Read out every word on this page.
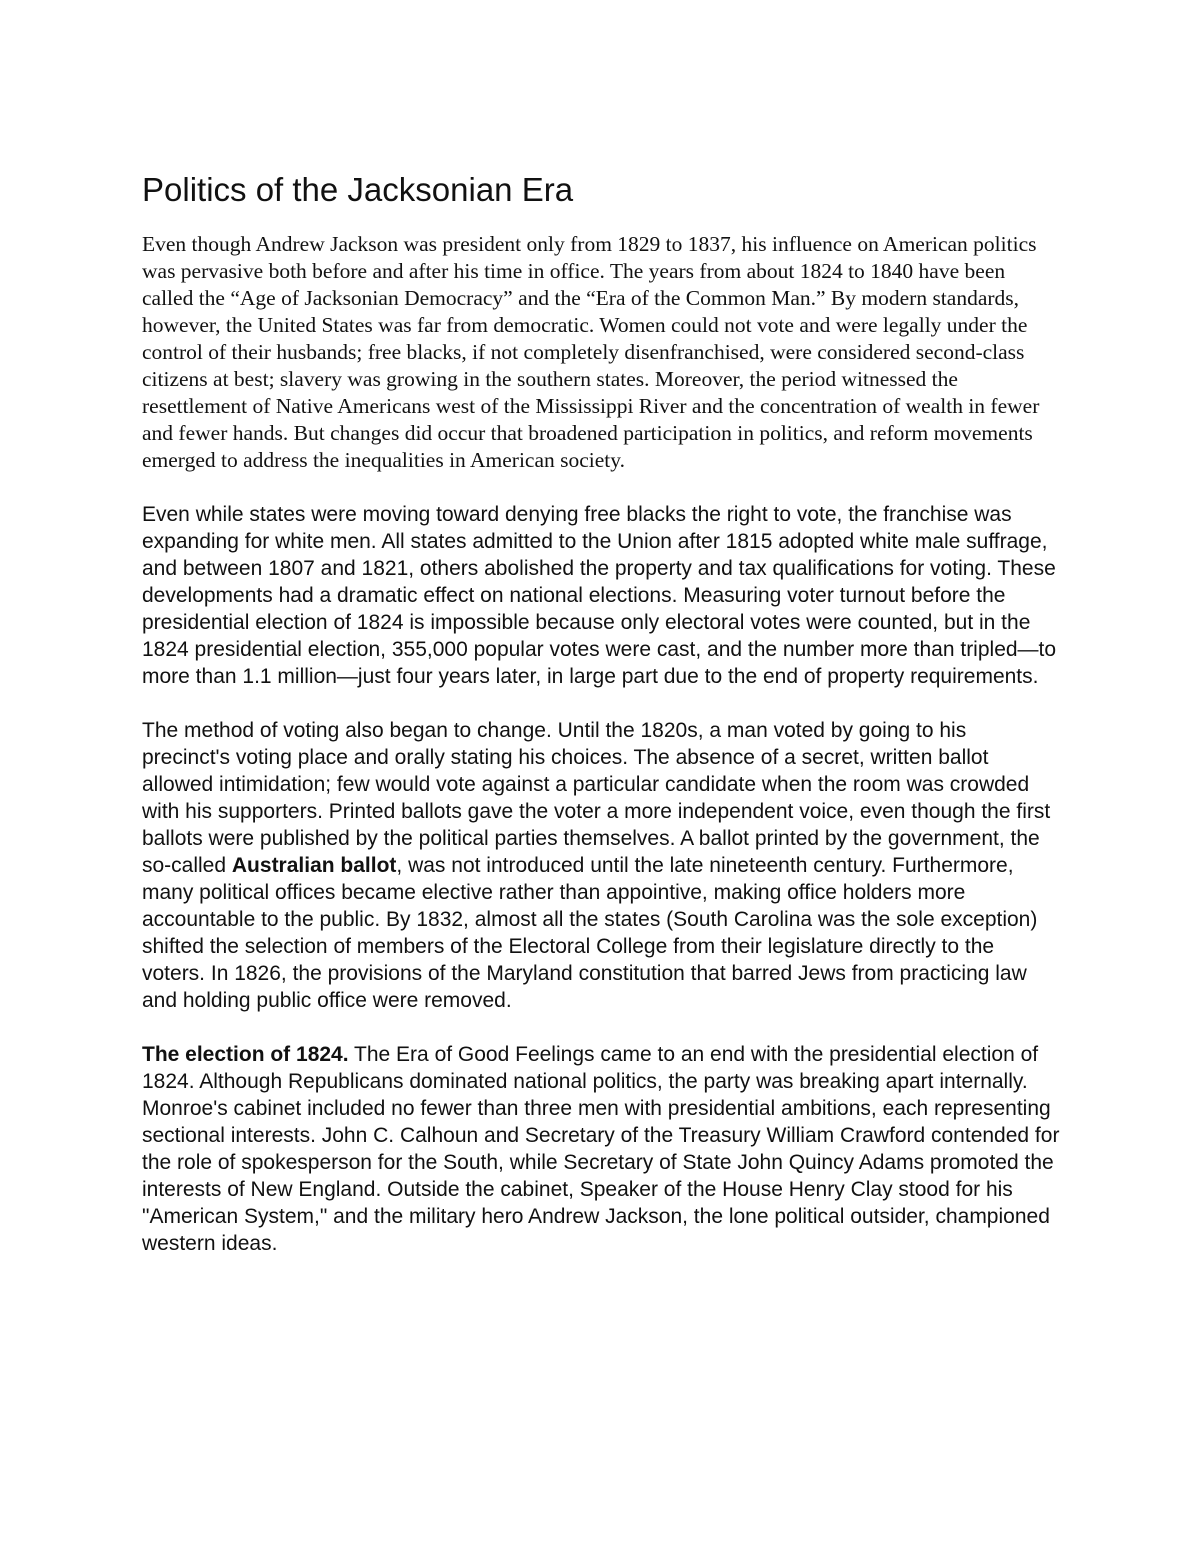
Politics of the Jacksonian Era

Even though Andrew Jackson was president only from 1829 to 1837, his influence on American politics was pervasive both before and after his time in office. The years from about 1824 to 1840 have been called the “Age of Jacksonian Democracy” and the “Era of the Common Man.” By modern standards, however, the United States was far from democratic. Women could not vote and were legally under the control of their husbands; free blacks, if not completely disenfranchised, were considered second-class citizens at best; slavery was growing in the southern states. Moreover, the period witnessed the resettlement of Native Americans west of the Mississippi River and the concentration of wealth in fewer and fewer hands. But changes did occur that broadened participation in politics, and reform movements emerged to address the inequalities in American society.

Even while states were moving toward denying free blacks the right to vote, the franchise was expanding for white men. All states admitted to the Union after 1815 adopted white male suffrage, and between 1807 and 1821, others abolished the property and tax qualifications for voting. These developments had a dramatic effect on national elections. Measuring voter turnout before the presidential election of 1824 is impossible because only electoral votes were counted, but in the 1824 presidential election, 355,000 popular votes were cast, and the number more than tripled—to more than 1.1 million—just four years later, in large part due to the end of property requirements.

The method of voting also began to change. Until the 1820s, a man voted by going to his precinct's voting place and orally stating his choices. The absence of a secret, written ballot allowed intimidation; few would vote against a particular candidate when the room was crowded with his supporters. Printed ballots gave the voter a more independent voice, even though the first ballots were published by the political parties themselves. A ballot printed by the government, the so-called Australian ballot, was not introduced until the late nineteenth century. Furthermore, many political offices became elective rather than appointive, making office holders more accountable to the public. By 1832, almost all the states (South Carolina was the sole exception) shifted the selection of members of the Electoral College from their legislature directly to the voters. In 1826, the provisions of the Maryland constitution that barred Jews from practicing law and holding public office were removed.

The election of 1824. The Era of Good Feelings came to an end with the presidential election of 1824. Although Republicans dominated national politics, the party was breaking apart internally. Monroe's cabinet included no fewer than three men with presidential ambitions, each representing sectional interests. John C. Calhoun and Secretary of the Treasury William Crawford contended for the role of spokesperson for the South, while Secretary of State John Quincy Adams promoted the interests of New England. Outside the cabinet, Speaker of the House Henry Clay stood for his "American System," and the military hero Andrew Jackson, the lone political outsider, championed western ideas.
